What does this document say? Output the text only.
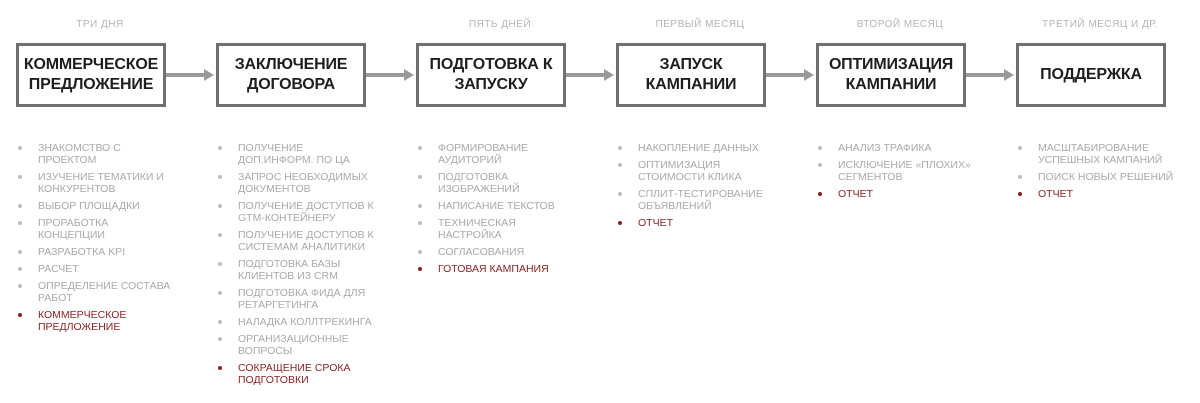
ТРИ ДНЯ
КОММЕРЧЕСКОЕ
ПРЕДЛОЖЕНИЕ
ЗНАКОМСТВО С
ПРОЕКТОМ
ИЗУЧЕНИЕ ТЕМАТИКИ И
КОНКУРЕНТОВ
ВЫБОР ПЛОЩАДКИ
ПРОРАБОТКА
КОНЦЕПЦИИ
РАЗРАБОТКА KPI
РАСЧЕТ
ОПРЕДЕЛЕНИЕ СОСТАВА
РАБОТ
КОММЕРЧЕСКОЕ
ПРЕДЛОЖЕНИЕ
ЗАКЛЮЧЕНИЕ
ДОГОВОРА
ПОЛУЧЕНИЕ
ДОП.ИНФОРМ. ПО ЦА
ЗАПРОС НЕОБХОДИМЫХ
ДОКУМЕНТОВ
ПОЛУЧЕНИЕ ДОСТУПОВ К
GTM-КОНТЕЙНЕРУ
ПОЛУЧЕНИЕ ДОСТУПОВ К
СИСТЕМАМ АНАЛИТИКИ
ПОДГОТОВКА БАЗЫ
КЛИЕНТОВ ИЗ CRM
ПОДГОТОВКА ФИДА ДЛЯ
РЕТАРГЕТИНГА
НАЛАДКА КОЛЛТРЕКИНГА
ОРГАНИЗАЦИОННЫЕ
ВОПРОСЫ
СОКРАЩЕНИЕ СРОКА
ПОДГОТОВКИ
ПЯТЬ ДНЕЙ
ПОДГОТОВКА К
ЗАПУСКУ
ФОРМИРОВАНИЕ
АУДИТОРИЙ
ПОДГОТОВКА
ИЗОБРАЖЕНИЙ
НАПИСАНИЕ ТЕКСТОВ
ТЕХНИЧЕСКАЯ
НАСТРОЙКА
СОГЛАСОВАНИЯ
ГОТОВАЯ КАМПАНИЯ
ПЕРВЫЙ МЕСЯЦ
ЗАПУСК
КАМПАНИИ
НАКОПЛЕНИЕ ДАННЫХ
ОПТИМИЗАЦИЯ
СТОИМОСТИ КЛИКА
СПЛИТ-ТЕСТИРОВАНИЕ
ОБЪЯВЛЕНИЙ
ОТЧЕТ
ВТОРОЙ МЕСЯЦ
ОПТИМИЗАЦИЯ
КАМПАНИИ
АНАЛИЗ ТРАФИКА
ИСКЛЮЧЕНИЕ «ПЛОХИХ»
СЕГМЕНТОВ
ОТЧЕТ
ТРЕТИЙ МЕСЯЦ И ДР.
ПОДДЕРЖКА
МАСШТАБИРОВАНИЕ
УСПЕШНЫХ КАМПАНИЙ
ПОИСК НОВЫХ РЕШЕНИЙ
ОТЧЕТ
